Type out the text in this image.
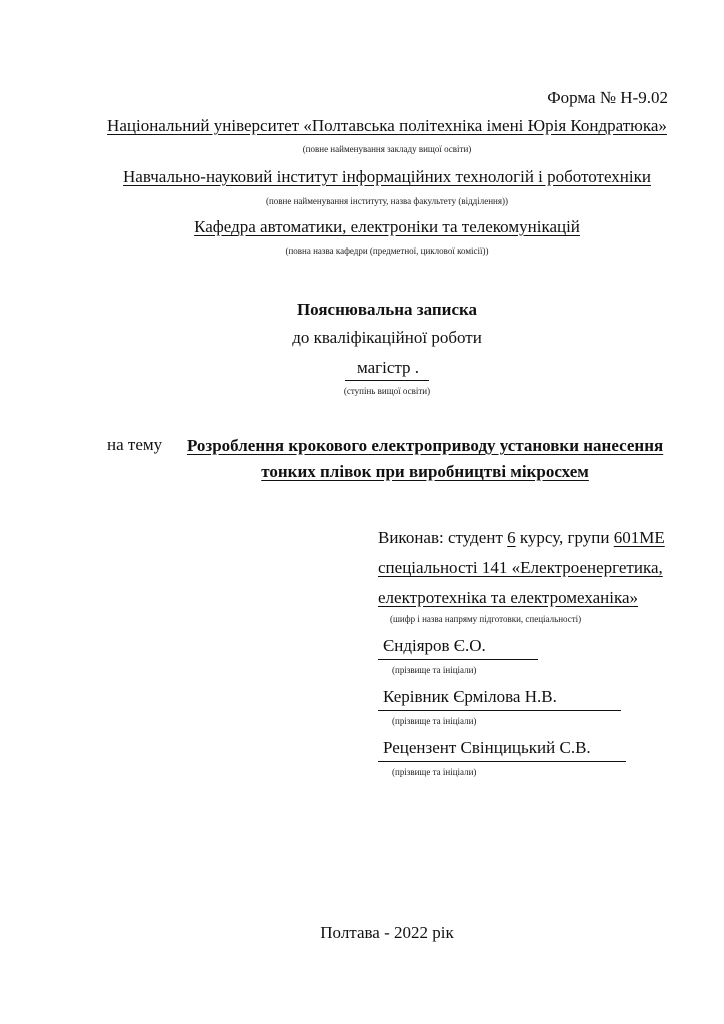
Форма № Н-9.02
Національний університет «Полтавська політехніка імені Юрія Кондратюка»
(повне найменування закладу вищої освіти)
Навчально-науковий інститут інформаційних технологій і робототехніки
(повне найменування інституту, назва факультету (відділення))
Кафедра автоматики, електроніки та телекомунікацій
(повна назва кафедри (предметної, циклової комісії))
Пояснювальна записка
до кваліфікаційної роботи
магістр .
(ступінь вищої освіти)
на тему	Розроблення крокового електроприводу установки нанесення тонких плівок при виробництві мікросхем
Виконав: студент 6 курсу, групи 601МЕ
спеціальності 141 «Електроенергетика,
електротехніка та електромеханіка»
(шифр і назва напряму підготовки, спеціальності)
Єндіяров Є.О.
(прізвище та ініціали)
Керівник Єрмілова Н.В.
(прізвище та ініціали)
Рецензент Свінцицький С.В.
(прізвище та ініціали)
Полтава - 2022 рік
